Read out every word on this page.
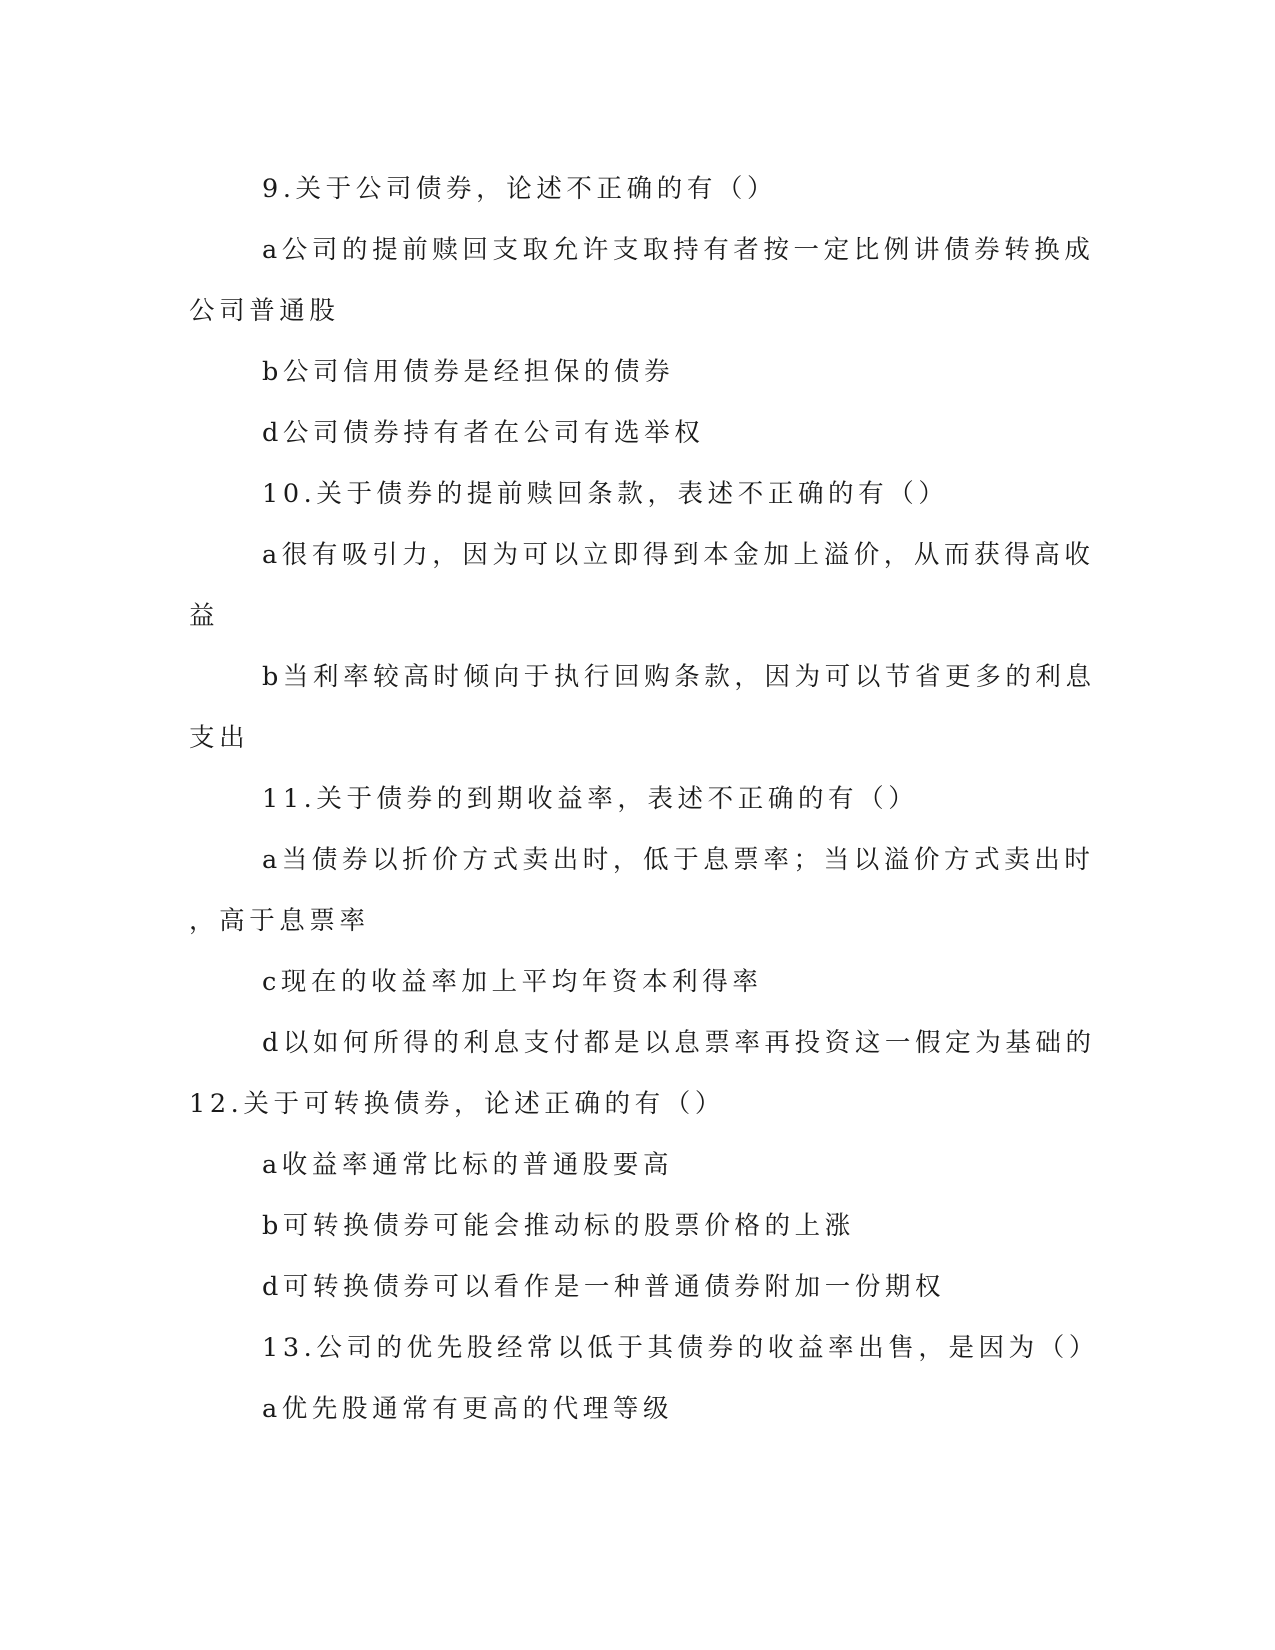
9.关于公司债券，论述不正确的有（）

a公司的提前赎回支取允许支取持有者按一定比例讲债券转换成

公司普通股

b公司信用债券是经担保的债券

d公司债券持有者在公司有选举权

10.关于债券的提前赎回条款，表述不正确的有（）

a很有吸引力，因为可以立即得到本金加上溢价，从而获得高收

益

b当利率较高时倾向于执行回购条款，因为可以节省更多的利息

支出

11.关于债券的到期收益率，表述不正确的有（）

a当债券以折价方式卖出时，低于息票率；当以溢价方式卖出时

，高于息票率

c现在的收益率加上平均年资本利得率

d以如何所得的利息支付都是以息票率再投资这一假定为基础的

12.关于可转换债券，论述正确的有（）

a收益率通常比标的普通股要高

b可转换债券可能会推动标的股票价格的上涨

d可转换债券可以看作是一种普通债券附加一份期权

13.公司的优先股经常以低于其债券的收益率出售，是因为（）

a优先股通常有更高的代理等级
